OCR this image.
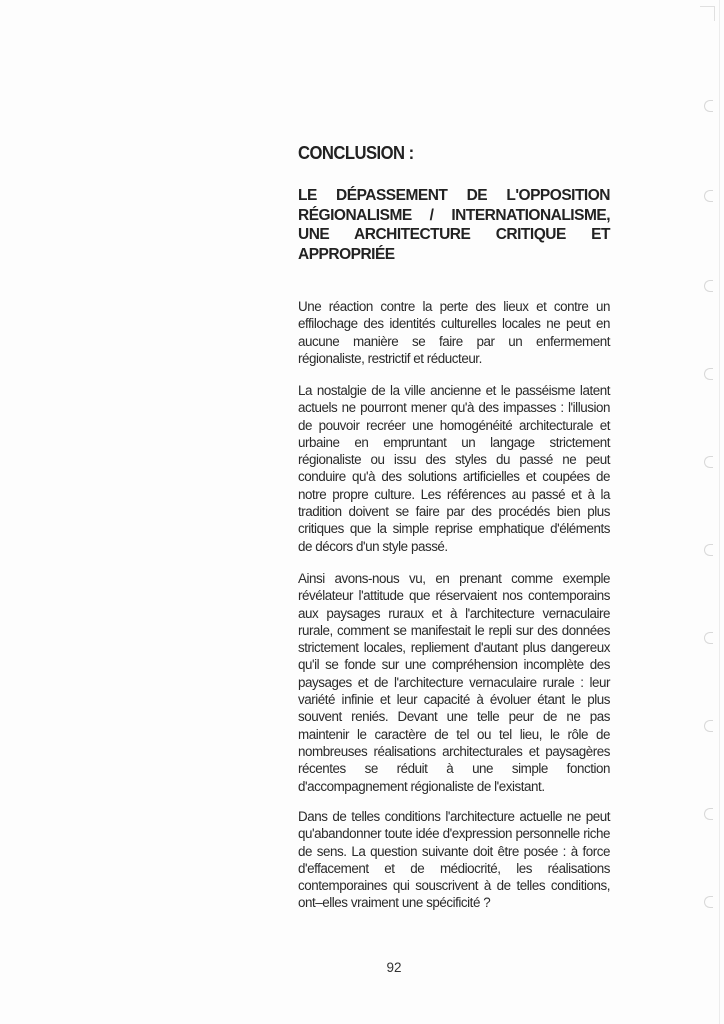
CONCLUSION :
LE DÉPASSEMENT DE L'OPPOSITION RÉGIONALISME / INTERNATIONALISME, UNE ARCHITECTURE CRITIQUE ET APPROPRIÉE

Une réaction contre la perte des lieux et contre un effilochage des identités culturelles locales ne peut en aucune manière se faire par un enfermement régionaliste, restrictif et réducteur.

La nostalgie de la ville ancienne et le passéisme latent actuels ne pourront mener qu'à des impasses : l'illusion de pouvoir recréer une homogénéité architecturale et urbaine en empruntant un langage strictement régionaliste ou issu des styles du passé ne peut conduire qu'à des solutions artificielles et coupées de notre propre culture. Les références au passé et à la tradition doivent se faire par des procédés bien plus critiques que la simple reprise emphatique d'éléments de décors d'un style passé.

Ainsi avons-nous vu, en prenant comme exemple révélateur l'attitude que réservaient nos contemporains aux paysages ruraux et à l'architecture vernaculaire rurale, comment se manifestait le repli sur des données strictement locales, repliement d'autant plus dangereux qu'il se fonde sur une compréhension incomplète des paysages et de l'architecture vernaculaire rurale : leur variété infinie et leur capacité à évoluer étant le plus souvent reniés. Devant une telle peur de ne pas maintenir le caractère de tel ou tel lieu, le rôle de nombreuses réalisations architecturales et paysagères récentes se réduit à une simple fonction d'accompagnement régionaliste de l'existant.

Dans de telles conditions l'architecture actuelle ne peut qu'abandonner toute idée d'expression personnelle riche de sens. La question suivante doit être posée : à force d'effacement et de médiocrité, les réalisations contemporaines qui souscrivent à de telles conditions, ont–elles vraiment une spécificité ?

92
